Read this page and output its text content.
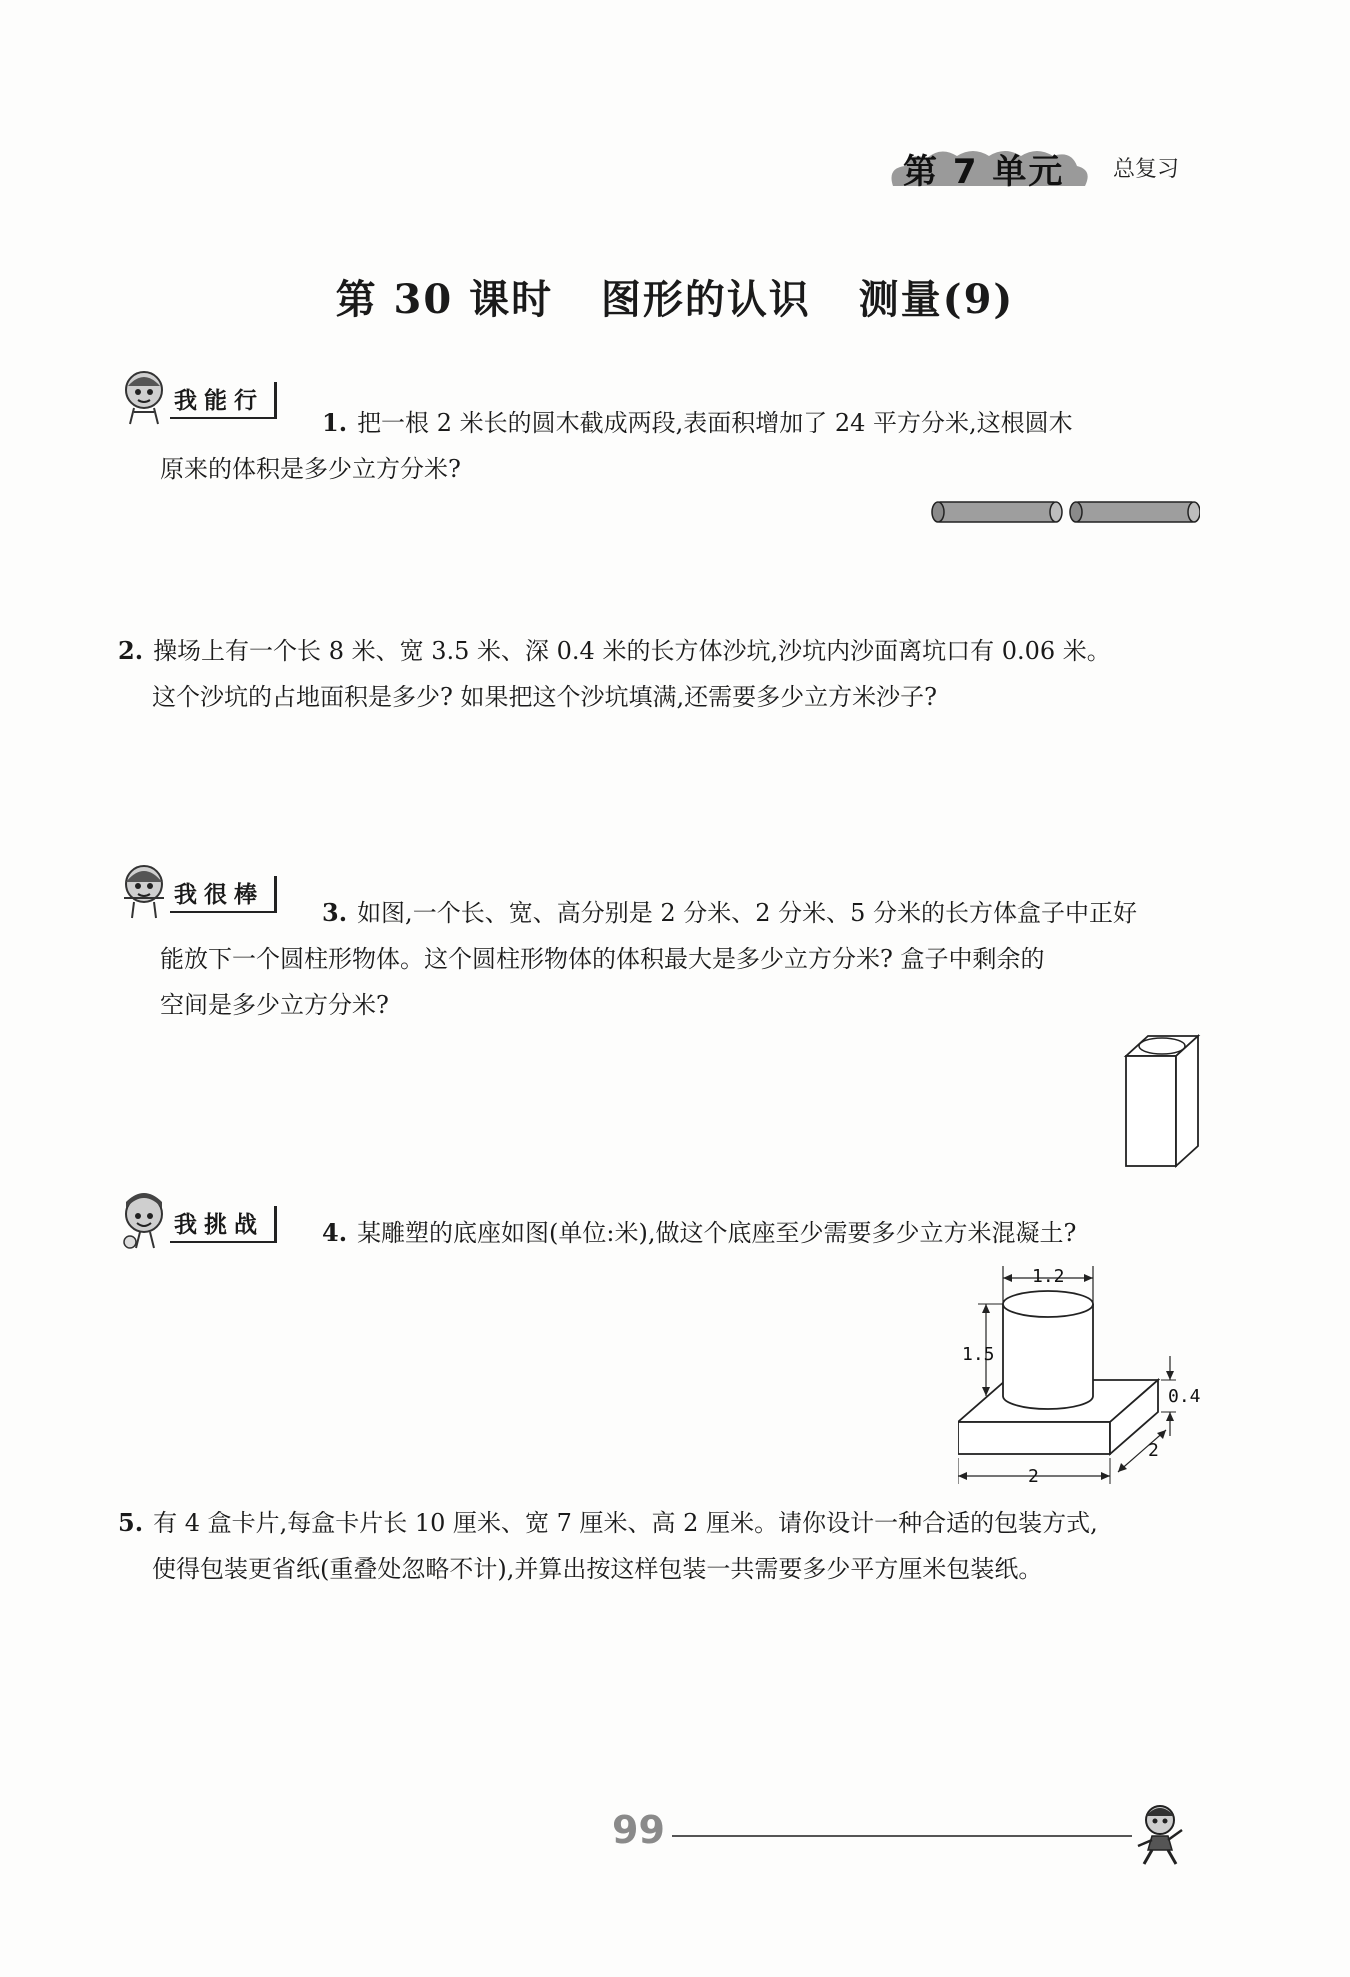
第 7 单元 总复习
第 30 课时   图形的认识   测量(9)
我能行

1. 把一根 2 米长的圆木截成两段,表面积增加了 24 平方分米,这根圆木

原来的体积是多少立方分米?

2. 操场上有一个长 8 米、宽 3.5 米、深 0.4 米的长方体沙坑,沙坑内沙面离坑口有 0.06 米。

这个沙坑的占地面积是多少? 如果把这个沙坑填满,还需要多少立方米沙子?

我很棒

3. 如图,一个长、宽、高分别是 2 分米、2 分米、5 分米的长方体盒子中正好

能放下一个圆柱形物体。这个圆柱形物体的体积最大是多少立方分米? 盒子中剩余的

空间是多少立方分米?

我挑战	4. 某雕塑的底座如图(单位:米),做这个底座至少需要多少立方米混凝土?

1.2
1.5
0.4
2
2

5. 有 4 盒卡片,每盒卡片长 10 厘米、宽 7 厘米、高 2 厘米。请你设计一种合适的包装方式,

使得包装更省纸(重叠处忽略不计),并算出按这样包装一共需要多少平方厘米包装纸。

99
